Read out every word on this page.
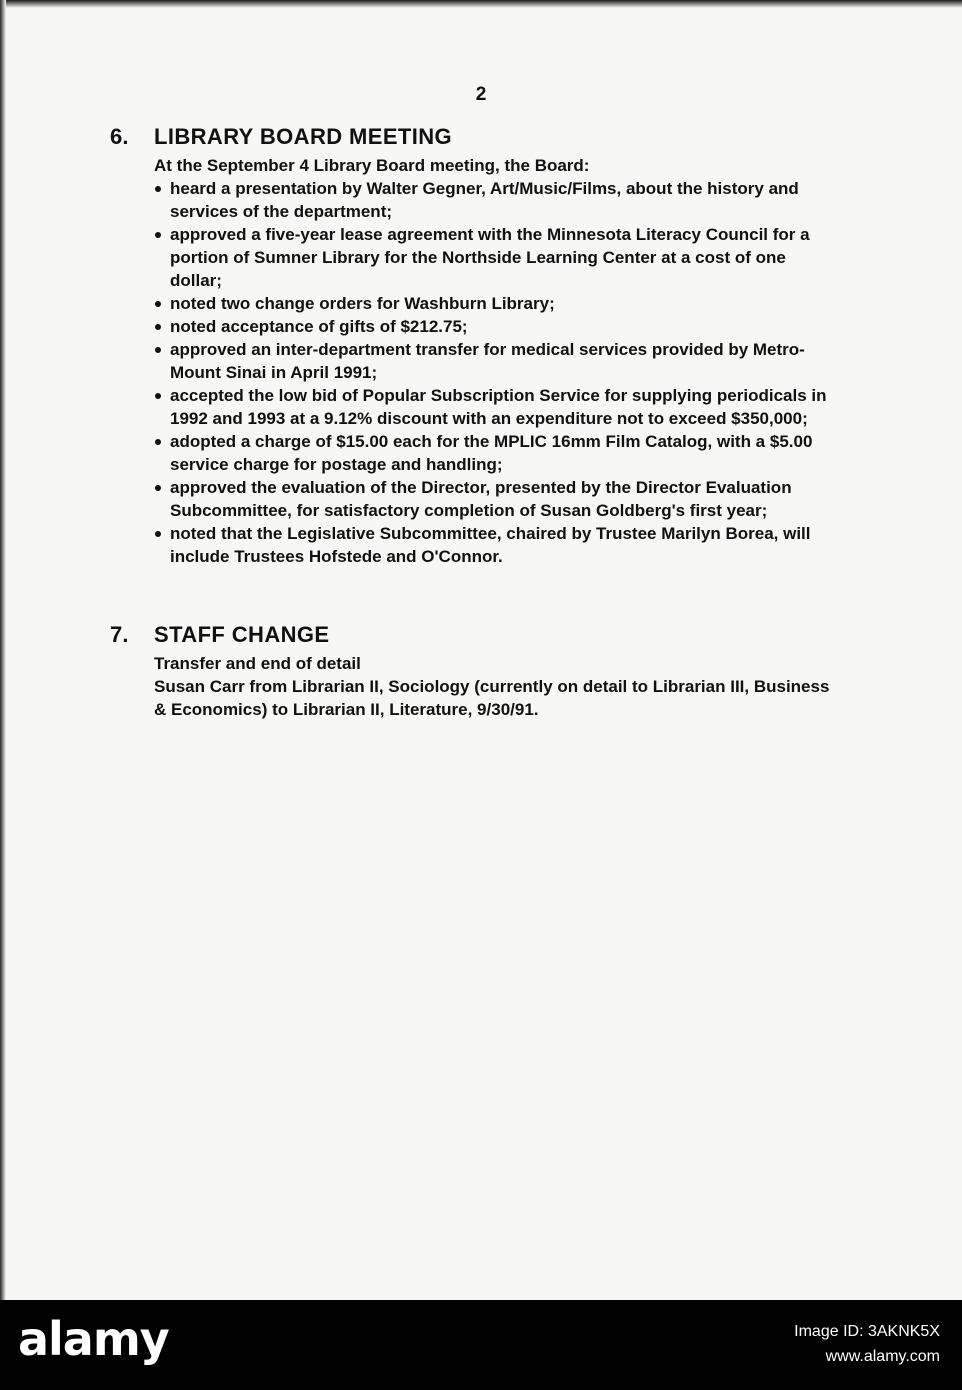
2
6. LIBRARY BOARD MEETING
At the September 4 Library Board meeting, the Board:
heard a presentation by Walter Gegner, Art/Music/Films, about the history and services of the department;
approved a five-year lease agreement with the Minnesota Literacy Council for a portion of Sumner Library for the Northside Learning Center at a cost of one dollar;
noted two change orders for Washburn Library;
noted acceptance of gifts of $212.75;
approved an inter-department transfer for medical services provided by Metro-Mount Sinai in April 1991;
accepted the low bid of Popular Subscription Service for supplying periodicals in 1992 and 1993 at a 9.12% discount with an expenditure not to exceed $350,000;
adopted a charge of $15.00 each for the MPLIC 16mm Film Catalog, with a $5.00 service charge for postage and handling;
approved the evaluation of the Director, presented by the Director Evaluation Subcommittee, for satisfactory completion of Susan Goldberg's first year;
noted that the Legislative Subcommittee, chaired by Trustee Marilyn Borea, will include Trustees Hofstede and O'Connor.
7. STAFF CHANGE
Transfer and end of detail
Susan Carr from Librarian II, Sociology (currently on detail to Librarian III, Business & Economics) to Librarian II, Literature, 9/30/91.
alamy	Image ID: 3AKNK5X
www.alamy.com
